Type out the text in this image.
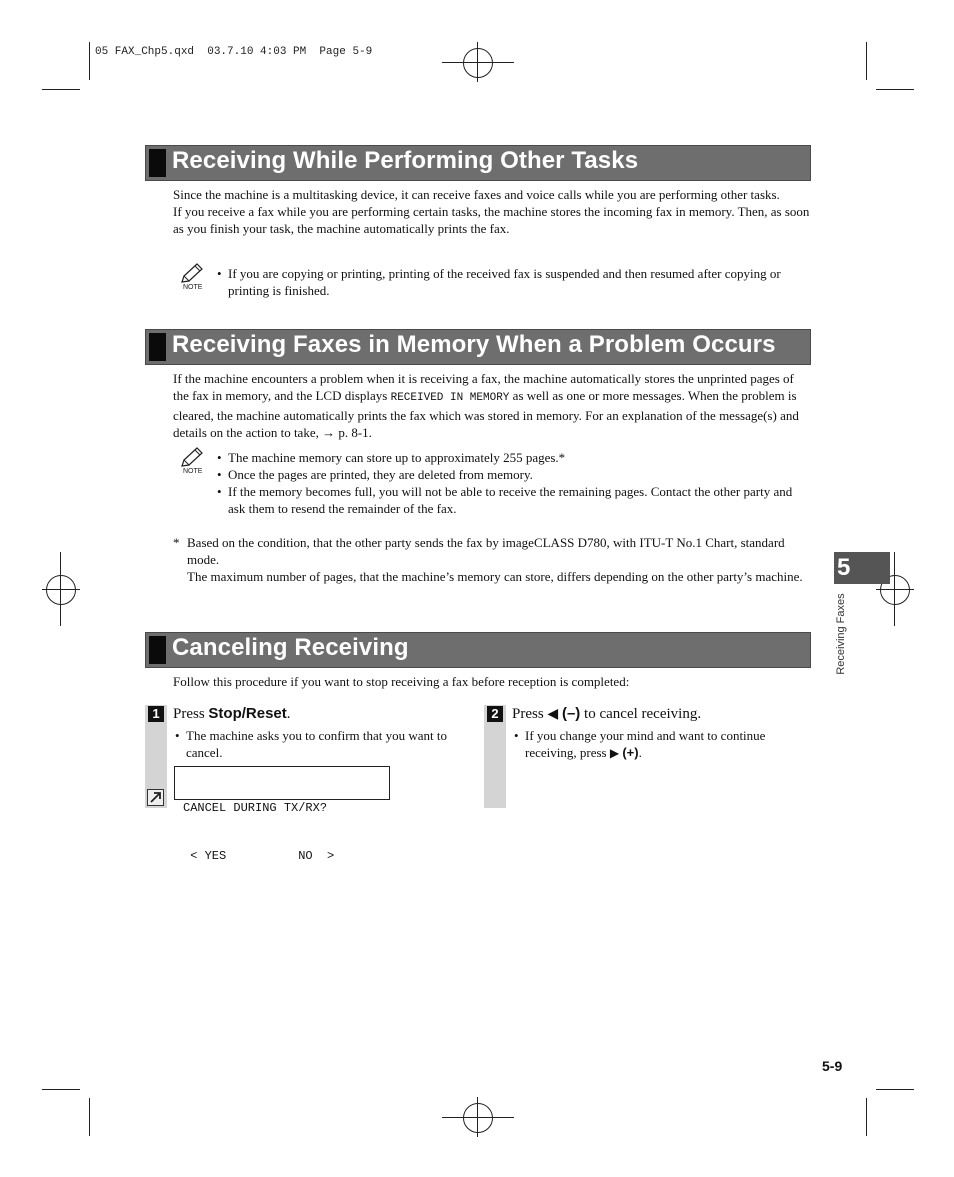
05 FAX_Chp5.qxd  03.7.10 4:03 PM  Page 5-9
Receiving While Performing Other Tasks

Since the machine is a multitasking device, it can receive faxes and voice calls while you are performing other tasks.

If you receive a fax while you are performing certain tasks, the machine stores the incoming fax in memory. Then, as soon as you finish your task, the machine automatically prints the fax.

NOTE
• If you are copying or printing, printing of the received fax is suspended and then resumed after copying or printing is finished.
Receiving Faxes in Memory When a Problem Occurs

If the machine encounters a problem when it is receiving a fax, the machine automatically stores the unprinted pages of the fax in memory, and the LCD displays RECEIVED IN MEMORY as well as one or more messages. When the problem is cleared, the machine automatically prints the fax which was stored in memory. For an explanation of the message(s) and details on the action to take, → p. 8-1.

NOTE
• The machine memory can store up to approximately 255 pages.*
• Once the pages are printed, they are deleted from memory.
• If the memory becomes full, you will not be able to receive the remaining pages. Contact the other party and ask them to resend the remainder of the fax.
* Based on the condition, that the other party sends the fax by imageCLASS D780, with ITU-T No.1 Chart, standard mode.
The maximum number of pages, that the machine’s memory can store, differs depending on the other party’s machine.
Canceling Receiving

Follow this procedure if you want to stop receiving a fax before reception is completed:

1 Press Stop/Reset.
• The machine asks you to confirm that you want to cancel.

CANCEL DURING TX/RX?

< YES          NO  >

2 Press ◀ (–) to cancel receiving.
• If you change your mind and want to continue receiving, press ▶ (+).
5
Receiving Faxes
5-9
